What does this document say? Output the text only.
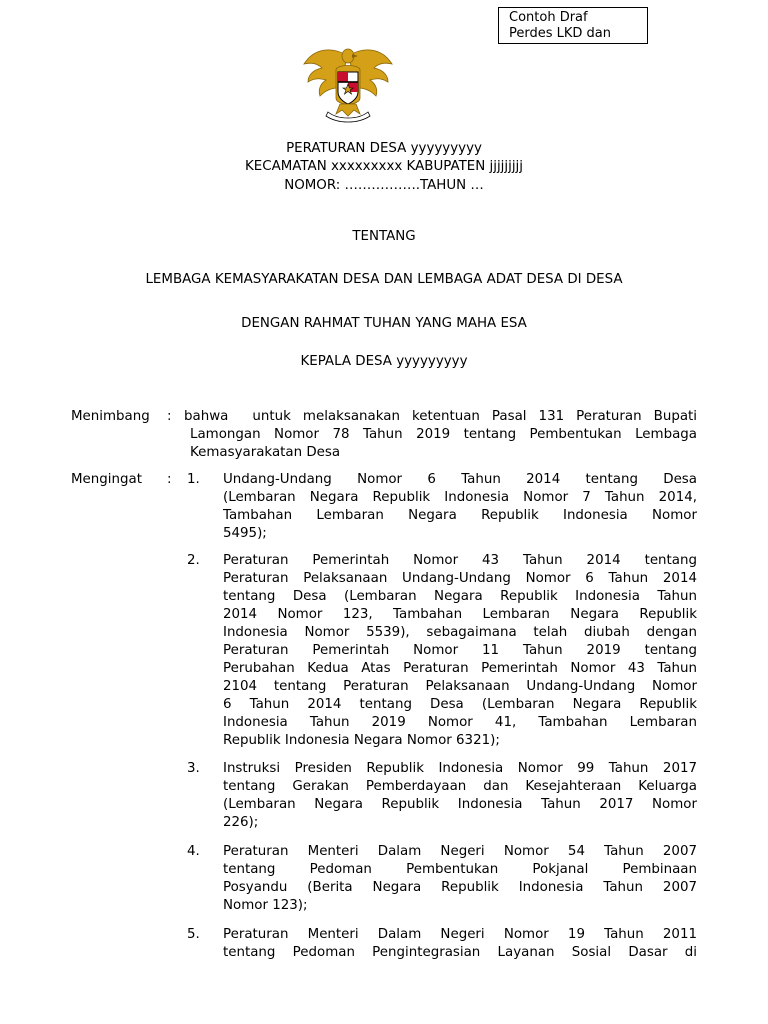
Contoh Draf
Perdes LKD dan
PERATURAN DESA yyyyyyyyy
KECAMATAN xxxxxxxxx KABUPATEN jjjjjjjjj
NOMOR: ……………..TAHUN …
TENTANG
LEMBAGA KEMASYARAKATAN DESA DAN LEMBAGA ADAT DESA DI DESA
DENGAN RAHMAT TUHAN YANG MAHA ESA
KEPALA DESA yyyyyyyyy
Menimbang : bahwa  untuk melaksanakan ketentuan Pasal 131 Peraturan Bupati
Lamongan Nomor 78 Tahun 2019 tentang Pembentukan Lembaga
Kemasyarakatan Desa
Mengingat : 1. Undang-Undang Nomor 6 Tahun 2014 tentang Desa
(Lembaran Negara Republik Indonesia Nomor 7 Tahun 2014,
Tambahan Lembaran Negara Republik Indonesia Nomor
5495);
2. Peraturan Pemerintah Nomor 43 Tahun 2014 tentang
Peraturan Pelaksanaan Undang-Undang Nomor 6 Tahun 2014
tentang Desa (Lembaran Negara Republik Indonesia Tahun
2014 Nomor 123, Tambahan Lembaran Negara Republik
Indonesia Nomor 5539), sebagaimana telah diubah dengan
Peraturan Pemerintah Nomor 11 Tahun 2019 tentang
Perubahan Kedua Atas Peraturan Pemerintah Nomor 43 Tahun
2104 tentang Peraturan Pelaksanaan Undang-Undang Nomor
6 Tahun 2014 tentang Desa (Lembaran Negara Republik
Indonesia Tahun 2019 Nomor 41, Tambahan Lembaran
Republik Indonesia Negara Nomor 6321);
3. Instruksi Presiden Republik Indonesia Nomor 99 Tahun 2017
tentang Gerakan Pemberdayaan dan Kesejahteraan Keluarga
(Lembaran Negara Republik Indonesia Tahun 2017 Nomor
226);
4. Peraturan Menteri Dalam Negeri Nomor 54 Tahun 2007
tentang Pedoman Pembentukan Pokjanal Pembinaan
Posyandu (Berita Negara Republik Indonesia Tahun 2007
Nomor 123);
5. Peraturan Menteri Dalam Negeri Nomor 19 Tahun 2011
tentang Pedoman Pengintegrasian Layanan Sosial Dasar di
